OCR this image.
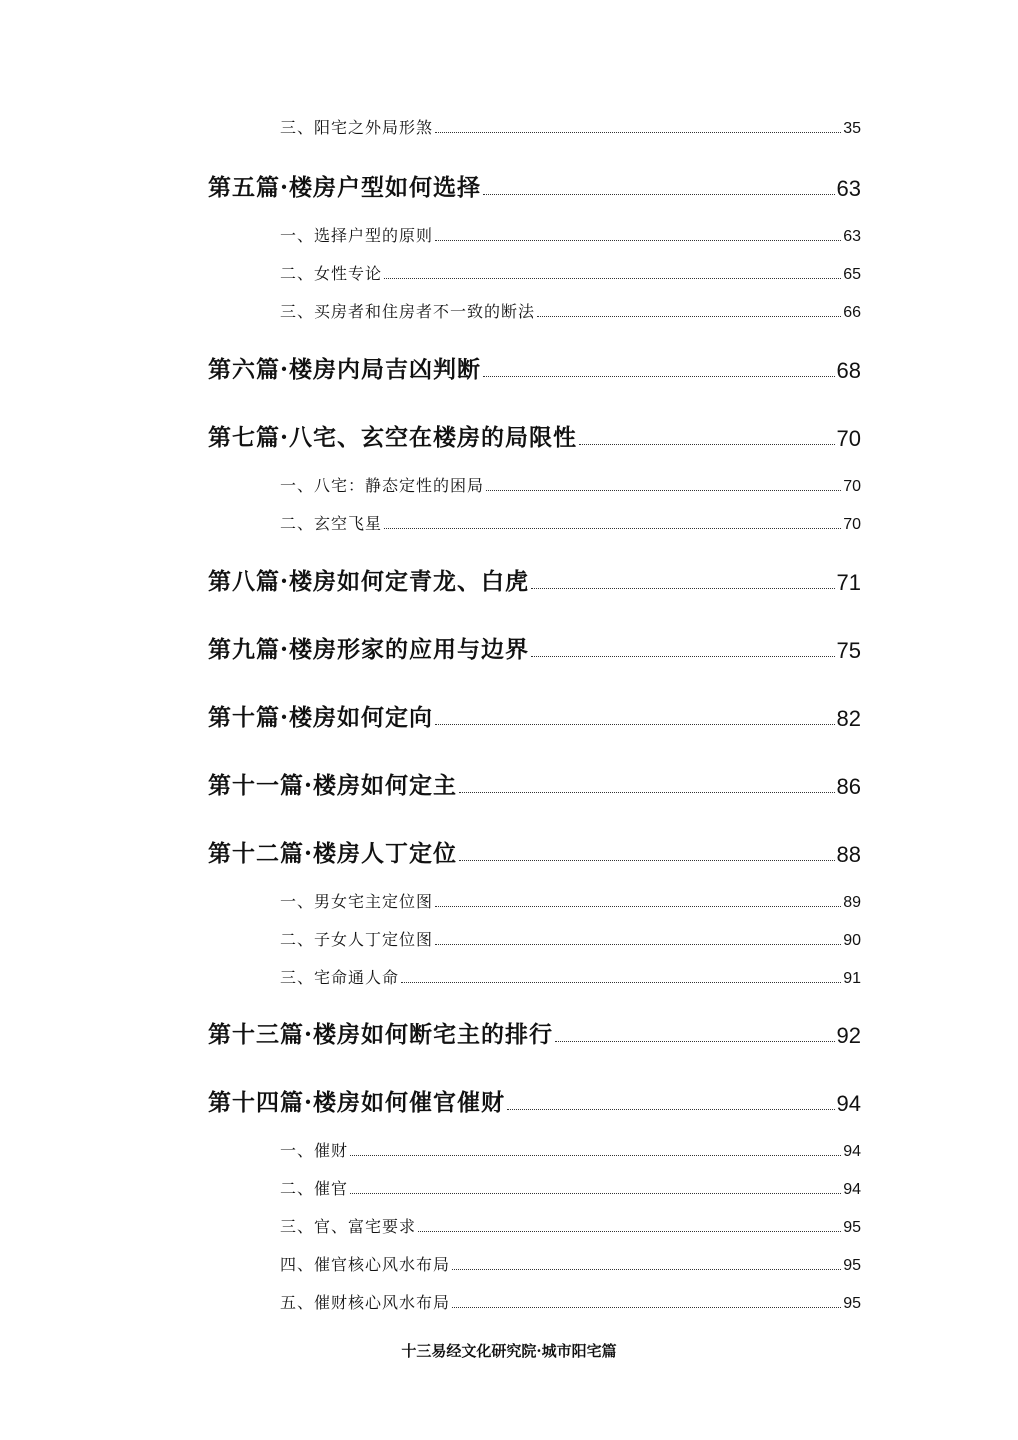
三、阳宅之外局形煞	35
第五篇·楼房户型如何选择	63
一、选择户型的原则	63
二、女性专论	65
三、买房者和住房者不一致的断法	66
第六篇·楼房内局吉凶判断	68
第七篇·八宅、玄空在楼房的局限性	70
一、八宅：静态定性的困局	70
二、玄空飞星	70
第八篇·楼房如何定青龙、白虎	71
第九篇·楼房形家的应用与边界	75
第十篇·楼房如何定向	82
第十一篇·楼房如何定主	86
第十二篇·楼房人丁定位	88
一、男女宅主定位图	89
二、子女人丁定位图	90
三、宅命通人命	91
第十三篇·楼房如何断宅主的排行	92
第十四篇·楼房如何催官催财	94
一、催财	94
二、催官	94
三、官、富宅要求	95
四、催官核心风水布局	95
五、催财核心风水布局	95
十三易经文化研究院·城市阳宅篇
